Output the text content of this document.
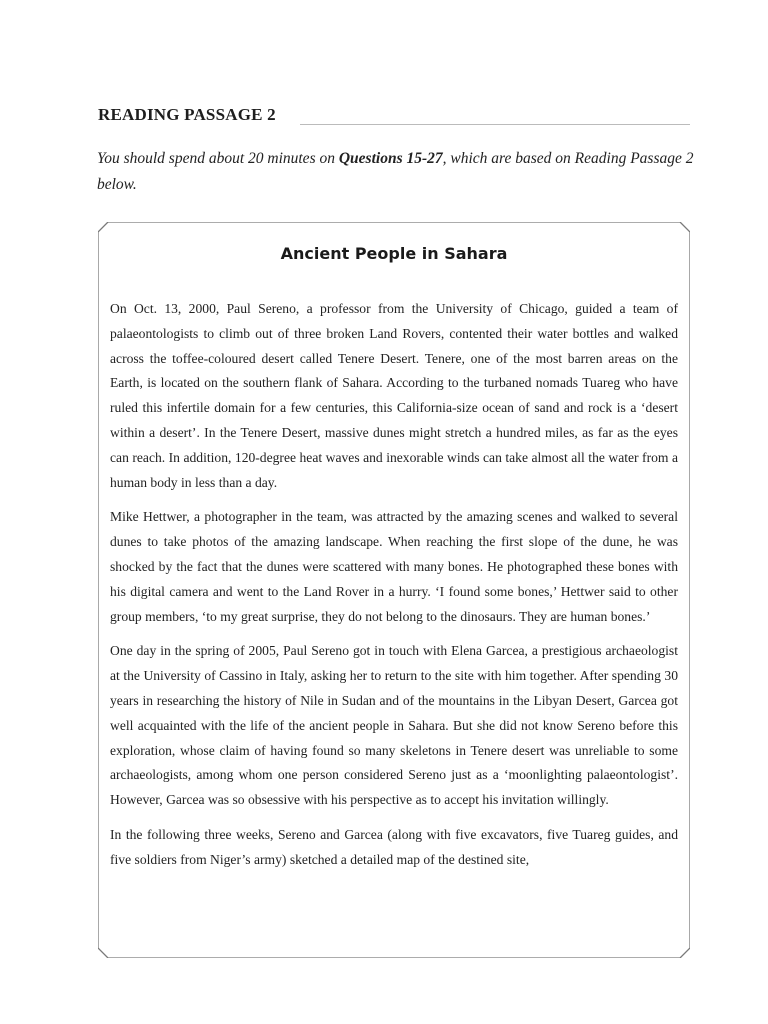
READING PASSAGE 2

You should spend about 20 minutes on Questions 15-27, which are based on Reading Passage 2 below.

Ancient People in Sahara

On Oct. 13, 2000, Paul Sereno, a professor from the University of Chicago, guided a team of palaeontologists to climb out of three broken Land Rovers, contented their water bottles and walked across the toffee-coloured desert called Tenere Desert. Tenere, one of the most barren areas on the Earth, is located on the southern flank of Sahara. According to the turbaned nomads Tuareg who have ruled this infertile domain for a few centuries, this California-size ocean of sand and rock is a ‘desert within a desert’. In the Tenere Desert, massive dunes might stretch a hundred miles, as far as the eyes can reach. In addition, 120-degree heat waves and inexorable winds can take almost all the water from a human body in less than a day.

Mike Hettwer, a photographer in the team, was attracted by the amazing scenes and walked to several dunes to take photos of the amazing landscape. When reaching the first slope of the dune, he was shocked by the fact that the dunes were scattered with many bones. He photographed these bones with his digital camera and went to the Land Rover in a hurry. ‘I found some bones,’ Hettwer said to other group members, ‘to my great surprise, they do not belong to the dinosaurs. They are human bones.’

One day in the spring of 2005, Paul Sereno got in touch with Elena Garcea, a prestigious archaeologist at the University of Cassino in Italy, asking her to return to the site with him together. After spending 30 years in researching the history of Nile in Sudan and of the mountains in the Libyan Desert, Garcea got well acquainted with the life of the ancient people in Sahara. But she did not know Sereno before this exploration, whose claim of having found so many skeletons in Tenere desert was unreliable to some archaeologists, among whom one person considered Sereno just as a ‘moonlighting palaeontologist’. However, Garcea was so obsessive with his perspective as to accept his invitation willingly.

In the following three weeks, Sereno and Garcea (along with five excavators, five Tuareg guides, and five soldiers from Niger’s army) sketched a detailed map of the destined site,
